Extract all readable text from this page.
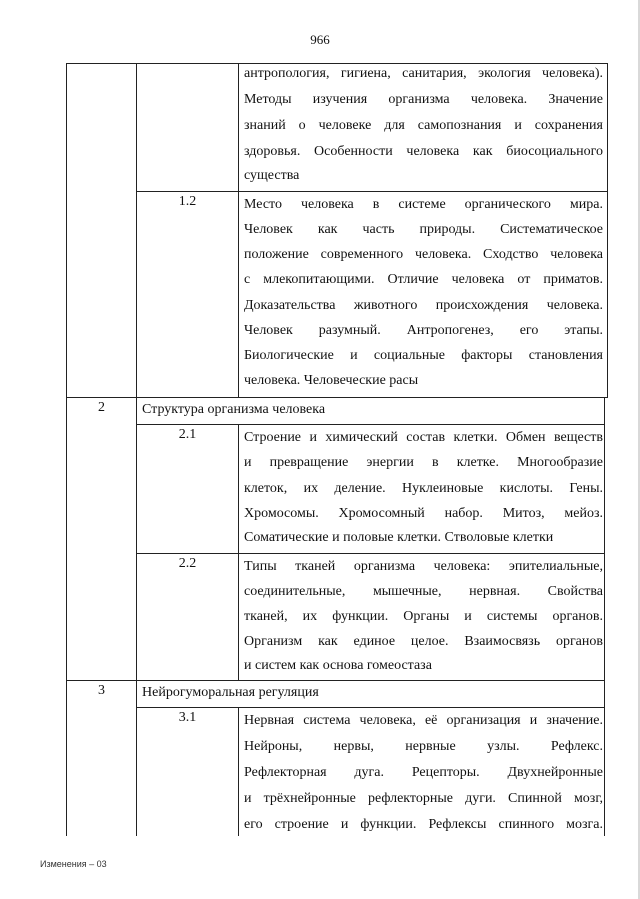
966
антропология, гигиена, санитария, экология человека).
Методы изучения организма человека. Значение
знаний о человеке для самопознания и сохранения
здоровья. Особенности человека как биосоциального
существа
1.2	Место человека в системе органического мира.
Человек как часть природы. Систематическое
положение современного человека. Сходство человека
с млекопитающими. Отличие человека от приматов.
Доказательства животного происхождения человека.
Человек разумный. Антропогенез, его этапы.
Биологические и социальные факторы становления
человека. Человеческие расы
2	Структура организма человека
2.1	Строение и химический состав клетки. Обмен веществ
и превращение энергии в клетке. Многообразие
клеток, их деление. Нуклеиновые кислоты. Гены.
Хромосомы. Хромосомный набор. Митоз, мейоз.
Соматические и половые клетки. Стволовые клетки
2.2	Типы тканей организма человека: эпителиальные,
соединительные, мышечные, нервная. Свойства
тканей, их функции. Органы и системы органов.
Организм как единое целое. Взаимосвязь органов
и систем как основа гомеостаза
3	Нейрогуморальная регуляция
3.1	Нервная система человека, её организация и значение.
Нейроны, нервы, нервные узлы. Рефлекс.
Рефлекторная дуга. Рецепторы. Двухнейронные
и трёхнейронные рефлекторные дуги. Спинной мозг,
его строение и функции. Рефлексы спинного мозга.
Изменения – 03
